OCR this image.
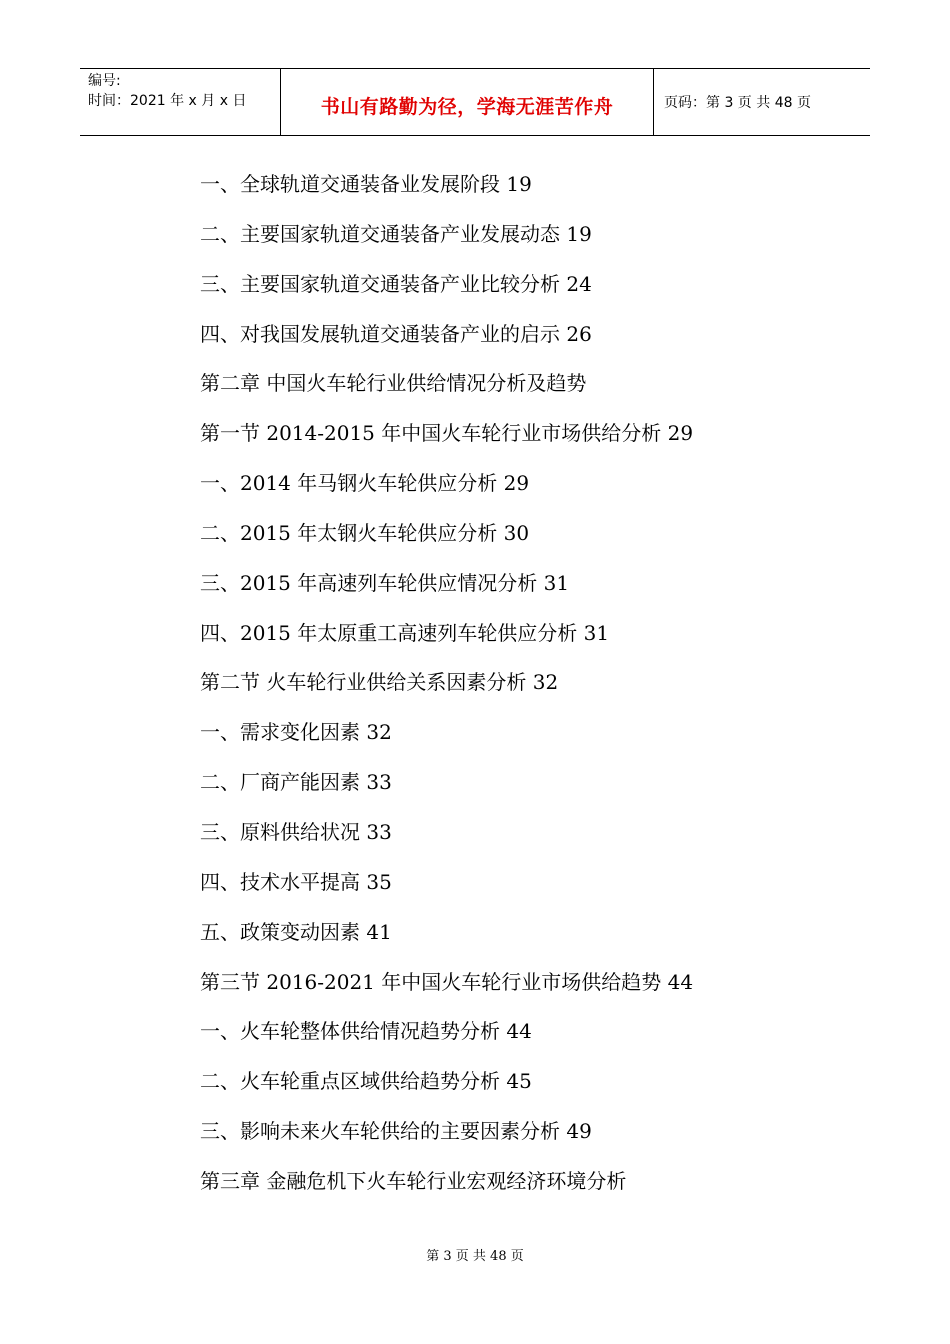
编号:
时间：2021 年 x 月 x 日	书山有路勤为径，学海无涯苦作舟	页码：第 3 页 共 48 页
一、全球轨道交通装备业发展阶段 19
二、主要国家轨道交通装备产业发展动态 19
三、主要国家轨道交通装备产业比较分析 24
四、对我国发展轨道交通装备产业的启示 26
第二章 中国火车轮行业供给情况分析及趋势
第一节 2014-2015 年中国火车轮行业市场供给分析 29
一、2014 年马钢火车轮供应分析 29
二、2015 年太钢火车轮供应分析 30
三、2015 年高速列车轮供应情况分析 31
四、2015 年太原重工高速列车轮供应分析 31
第二节 火车轮行业供给关系因素分析 32
一、需求变化因素 32
二、厂商产能因素 33
三、原料供给状况 33
四、技术水平提高 35
五、政策变动因素 41
第三节 2016-2021 年中国火车轮行业市场供给趋势 44
一、火车轮整体供给情况趋势分析 44
二、火车轮重点区域供给趋势分析 45
三、影响未来火车轮供给的主要因素分析 49
第三章 金融危机下火车轮行业宏观经济环境分析
第 3 页 共 48 页
